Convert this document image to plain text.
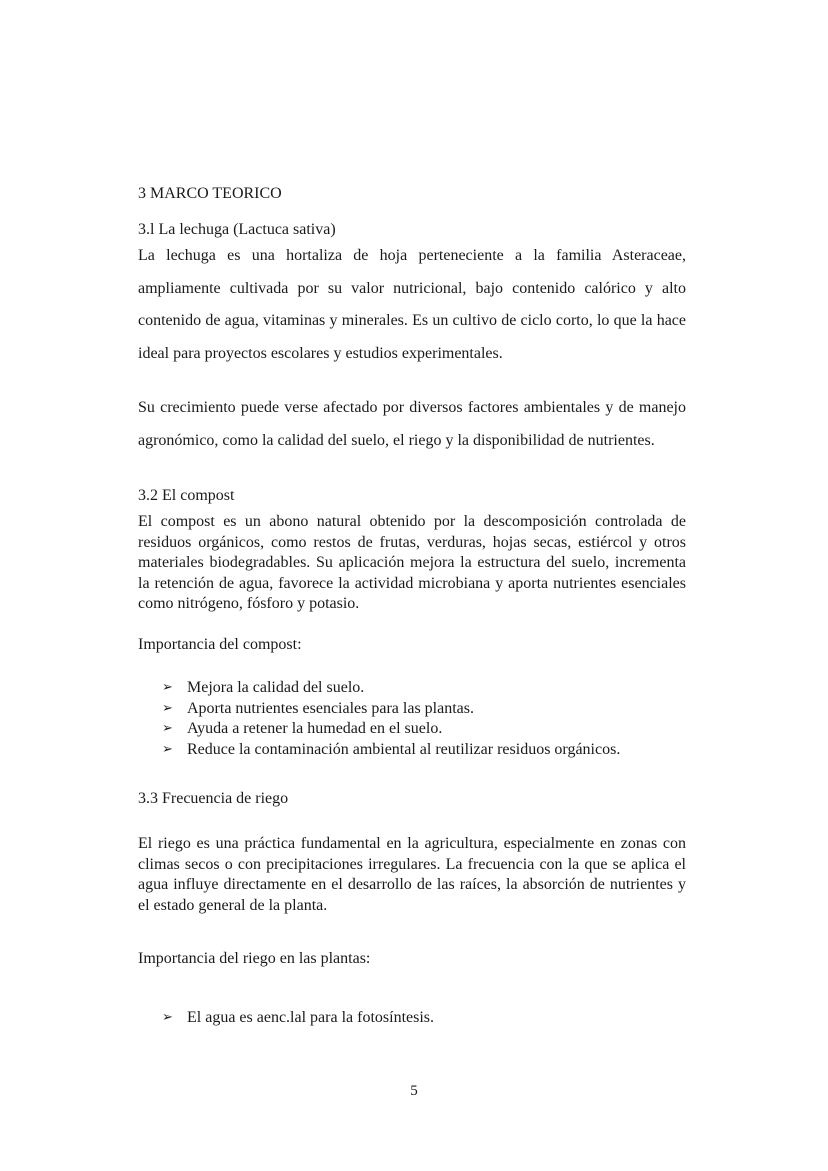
3 MARCO TEORICO

3.l La lechuga (Lactuca sativa)

La lechuga es una hortaliza de hoja perteneciente a la familia Asteraceae, ampliamente cultivada por su valor nutricional, bajo contenido calórico y alto contenido de agua, vitaminas y minerales. Es un cultivo de ciclo corto, lo que la hace ideal para proyectos escolares y estudios experimentales.

Su crecimiento puede verse afectado por diversos factores ambientales y de manejo agronómico, como la calidad del suelo, el riego y la disponibilidad de nutrientes.

3.2 El compost

El compost es un abono natural obtenido por la descomposición controlada de residuos orgánicos, como restos de frutas, verduras, hojas secas, estiércol y otros materiales biodegradables. Su aplicación mejora la estructura del suelo, incrementa la retención de agua, favorece la actividad microbiana y aporta nutrientes esenciales como nitrógeno, fósforo y potasio.

Importancia del compost:

➢ Mejora la calidad del suelo.
➢ Aporta nutrientes esenciales para las plantas.
➢ Ayuda a retener la humedad en el suelo.
➢ Reduce la contaminación ambiental al reutilizar residuos orgánicos.

3.3 Frecuencia de riego

El riego es una práctica fundamental en la agricultura, especialmente en zonas con climas secos o con precipitaciones irregulares. La frecuencia con la que se aplica el agua influye directamente en el desarrollo de las raíces, la absorción de nutrientes y el estado general de la planta.

Importancia del riego en las plantas:

➢ El agua es aenc.lal para la fotosíntesis.
5
